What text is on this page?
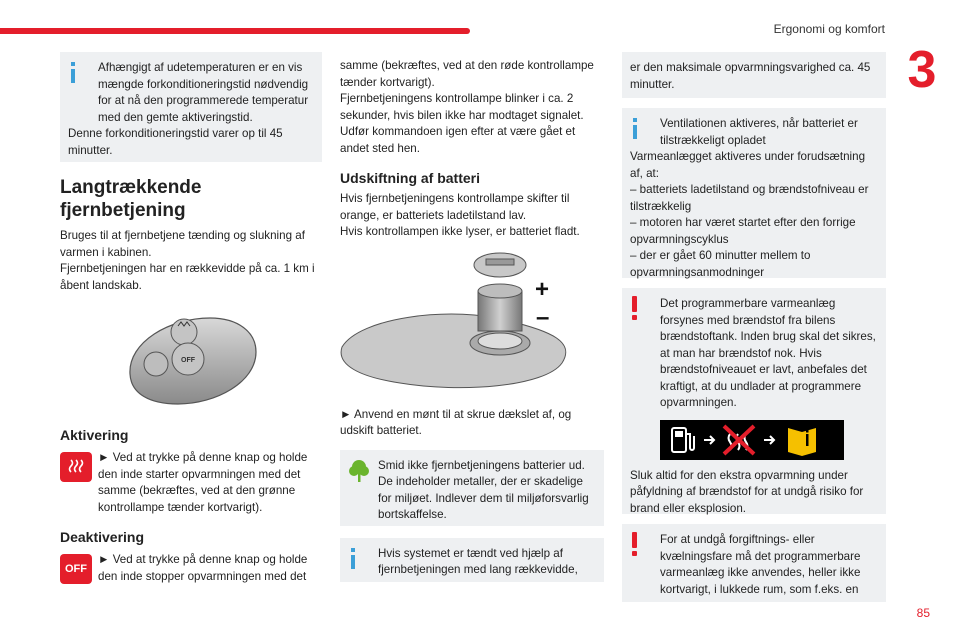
Ergonomi og komfort
3
85

Afhængigt af udetemperaturen er en vis mængde forkonditioneringstid nødvendig for at nå den programmerede temperatur med den gemte aktiveringstid.

Denne forkonditioneringstid varer op til 45 minutter.

Langtrækkende fjernbetjening

Bruges til at fjernbetjene tænding og slukning af varmen i kabinen.

Fjernbetjeningen har en rækkevidde på ca. 1 km i åbent landskab.

OFF
Aktivering

► Ved at trykke på denne knap og holde den inde starter opvarmningen med det samme (bekræftes, ved at den grønne kontrollampe tænder kortvarigt).

Deaktivering
OFF

► Ved at trykke på denne knap og holde den inde stopper opvarmningen med det

samme (bekræftes, ved at den røde kontrollampe tænder kortvarigt).

Fjernbetjeningens kontrollampe blinker i ca. 2 sekunder, hvis bilen ikke har modtaget signalet.

Udfør kommandoen igen efter at være gået et andet sted hen.

Udskiftning af batteri

Hvis fjernbetjeningens kontrollampe skifter til orange, er batteriets ladetilstand lav.

Hvis kontrollampen ikke lyser, er batteriet fladt.

+
–

► Anvend en mønt til at skrue dækslet af, og udskift batteriet.

Smid ikke fjernbetjeningens batterier ud. De indeholder metaller, der er skadelige for miljøet. Indlever dem til miljøforsvarlig bortskaffelse.

Hvis systemet er tændt ved hjælp af fjernbetjeningen med lang rækkevidde,

er den maksimale opvarmningsvarighed ca. 45 minutter.

Ventilationen aktiveres, når batteriet er tilstrækkeligt opladet

Varmeanlægget aktiveres under forudsætning af, at:

– batteriets ladetilstand og brændstofniveau er tilstrækkelig

– motoren har været startet efter den forrige opvarmningscyklus

– der er gået 60 minutter mellem to opvarmningsanmodninger

Det programmerbare varmeanlæg forsynes med brændstof fra bilens brændstoftank. Inden brug skal det sikres, at man har brændstof nok. Hvis brændstofniveauet er lavt, anbefales det kraftigt, at du undlader at programmere opvarmningen.

Sluk altid for den ekstra opvarmning under påfyldning af brændstof for at undgå risiko for brand eller eksplosion.

For at undgå forgiftnings- eller kvælningsfare må det programmerbare varmeanlæg ikke anvendes, heller ikke kortvarigt, i lukkede rum, som f.eks. en
